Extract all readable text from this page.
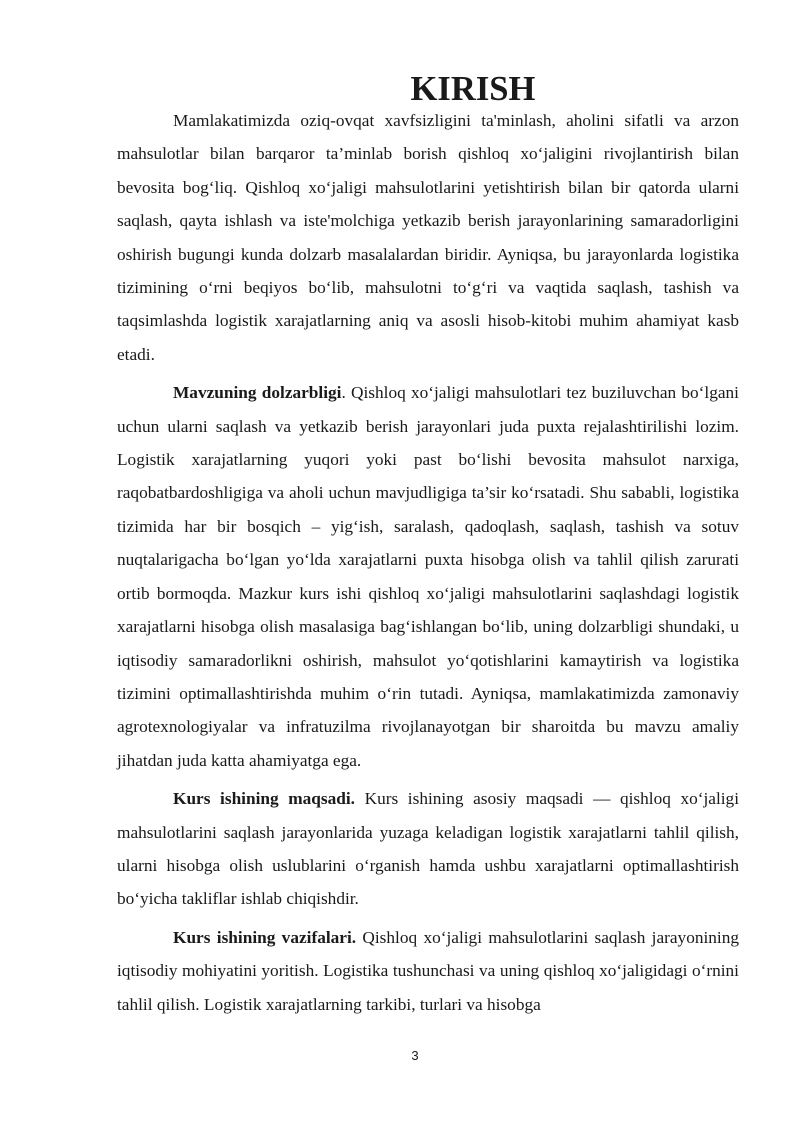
KIRISH

Mamlakatimizda oziq-ovqat xavfsizligini ta'minlash, aholini sifatli va arzon mahsulotlar bilan barqaror ta’minlab borish qishloq xo‘jaligini rivojlantirish bilan bevosita bog‘liq. Qishloq xo‘jaligi mahsulotlarini yetishtirish bilan bir qatorda ularni saqlash, qayta ishlash va iste'molchiga yetkazib berish jarayonlarining samaradorligini oshirish bugungi kunda dolzarb masalalardan biridir. Ayniqsa, bu jarayonlarda logistika tizimining o‘rni beqiyos bo‘lib, mahsulotni to‘g‘ri va vaqtida saqlash, tashish va taqsimlashda logistik xarajatlarning aniq va asosli hisob-kitobi muhim ahamiyat kasb etadi.

Mavzuning dolzarbligi. Qishloq xo‘jaligi mahsulotlari tez buziluvchan bo‘lgani uchun ularni saqlash va yetkazib berish jarayonlari juda puxta rejalashtirilishi lozim. Logistik xarajatlarning yuqori yoki past bo‘lishi bevosita mahsulot narxiga, raqobatbardoshligiga va aholi uchun mavjudligiga ta’sir ko‘rsatadi. Shu sababli, logistika tizimida har bir bosqich – yig‘ish, saralash, qadoqlash, saqlash, tashish va sotuv nuqtalarigacha bo‘lgan yo‘lda xarajatlarni puxta hisobga olish va tahlil qilish zarurati ortib bormoqda. Mazkur kurs ishi qishloq xo‘jaligi mahsulotlarini saqlashdagi logistik xarajatlarni hisobga olish masalasiga bag‘ishlangan bo‘lib, uning dolzarbligi shundaki, u iqtisodiy samaradorlikni oshirish, mahsulot yo‘qotishlarini kamaytirish va logistika tizimini optimallashtirishda muhim o‘rin tutadi. Ayniqsa, mamlakatimizda zamonaviy agrotexnologiyalar va infratuzilma rivojlanayotgan bir sharoitda bu mavzu amaliy jihatdan juda katta ahamiyatga ega.

Kurs ishining maqsadi. Kurs ishining asosiy maqsadi — qishloq xo‘jaligi mahsulotlarini saqlash jarayonlarida yuzaga keladigan logistik xarajatlarni tahlil qilish, ularni hisobga olish uslublarini o‘rganish hamda ushbu xarajatlarni optimallashtirish bo‘yicha takliflar ishlab chiqishdir.

Kurs ishining vazifalari. Qishloq xo‘jaligi mahsulotlarini saqlash jarayonining iqtisodiy mohiyatini yoritish. Logistika tushunchasi va uning qishloq xo‘jaligidagi o‘rnini tahlil qilish. Logistik xarajatlarning tarkibi, turlari va hisobga

3
